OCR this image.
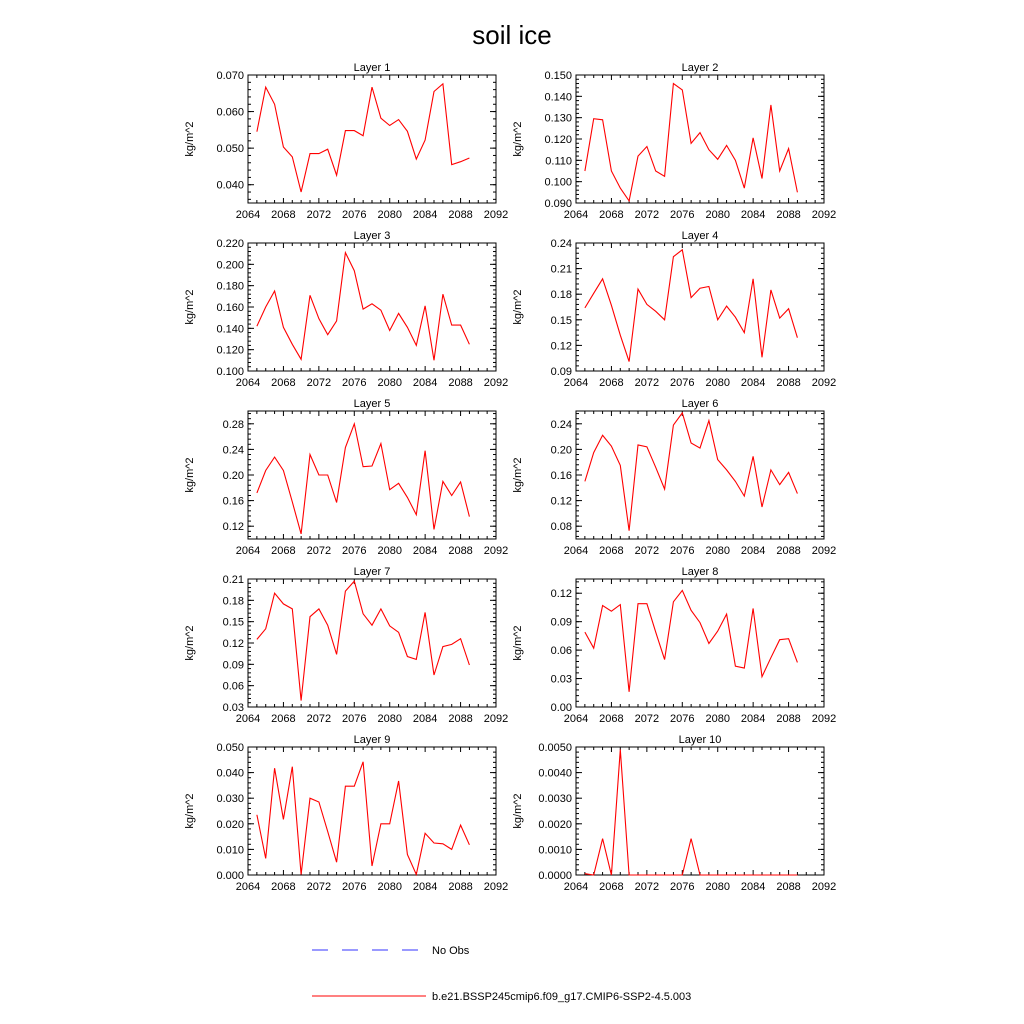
soil ice
Layer 1
2064 2068 2072 2076 2080 2084 2088 2092
0.040
0.050
0.060
0.070
kg/m^2
Layer 2
2064 2068 2072 2076 2080 2084 2088 2092
0.090
0.100
0.110
0.120
0.130
0.140
0.150
kg/m^2
Layer 3
2064 2068 2072 2076 2080 2084 2088 2092
0.100
0.120
0.140
0.160
0.180
0.200
0.220
kg/m^2
Layer 4
2064 2068 2072 2076 2080 2084 2088 2092
0.09
0.12
0.15
0.18
0.21
0.24
kg/m^2
Layer 5
2064 2068 2072 2076 2080 2084 2088 2092
0.12
0.16
0.20
0.24
0.28
kg/m^2
Layer 6
2064 2068 2072 2076 2080 2084 2088 2092
0.08
0.12
0.16
0.20
0.24
kg/m^2
Layer 7
2064 2068 2072 2076 2080 2084 2088 2092
0.03
0.06
0.09
0.12
0.15
0.18
0.21
kg/m^2
Layer 8
2064 2068 2072 2076 2080 2084 2088 2092
0.00
0.03
0.06
0.09
0.12
kg/m^2
Layer 9
2064 2068 2072 2076 2080 2084 2088 2092
0.000
0.010
0.020
0.030
0.040
0.050
kg/m^2
Layer 10
2064 2068 2072 2076 2080 2084 2088 2092
0.0000
0.0010
0.0020
0.0030
0.0040
0.0050
kg/m^2
No Obs
b.e21.BSSP245cmip6.f09_g17.CMIP6-SSP2-4.5.003
